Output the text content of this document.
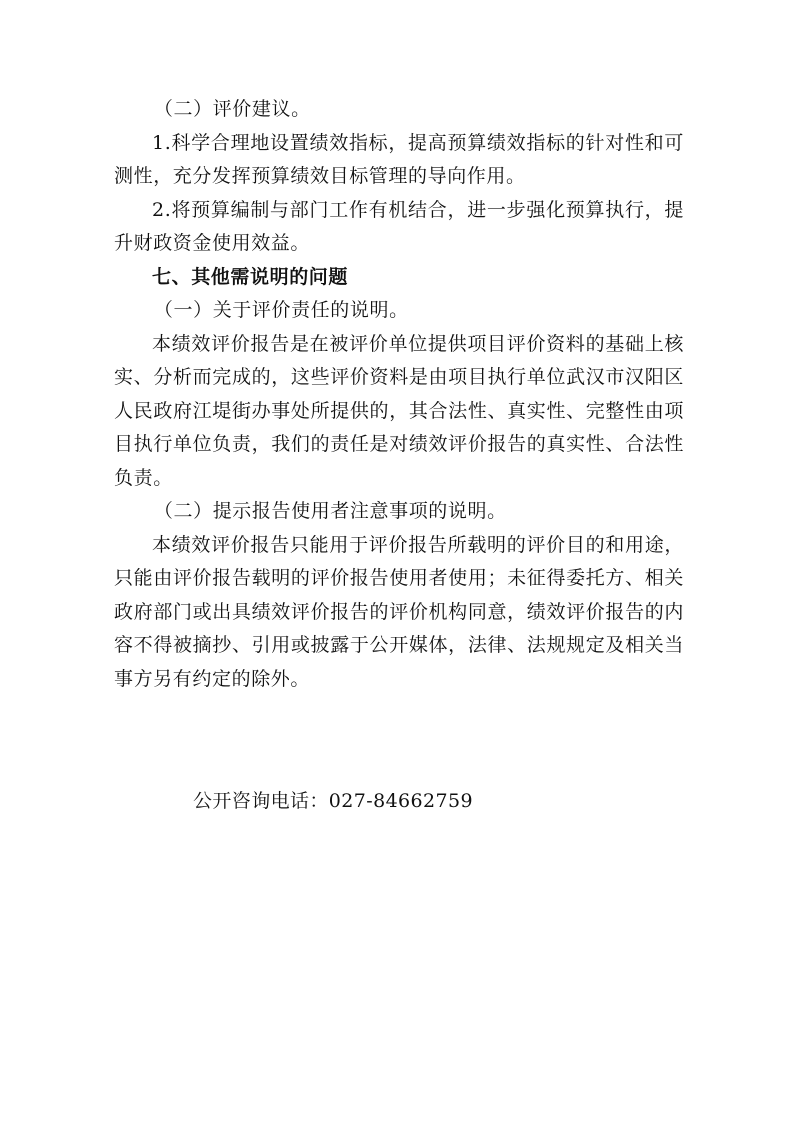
（二）评价建议。

1.科学合理地设置绩效指标，提高预算绩效指标的针对性和可测性，充分发挥预算绩效目标管理的导向作用。

2.将预算编制与部门工作有机结合，进一步强化预算执行，提升财政资金使用效益。

七、其他需说明的问题

（一）关于评价责任的说明。

本绩效评价报告是在被评价单位提供项目评价资料的基础上核实、分析而完成的，这些评价资料是由项目执行单位武汉市汉阳区人民政府江堤街办事处所提供的，其合法性、真实性、完整性由项目执行单位负责，我们的责任是对绩效评价报告的真实性、合法性负责。

（二）提示报告使用者注意事项的说明。

本绩效评价报告只能用于评价报告所载明的评价目的和用途，只能由评价报告载明的评价报告使用者使用；未征得委托方、相关政府部门或出具绩效评价报告的评价机构同意，绩效评价报告的内容不得被摘抄、引用或披露于公开媒体，法律、法规规定及相关当事方另有约定的除外。

公开咨询电话：027-84662759
